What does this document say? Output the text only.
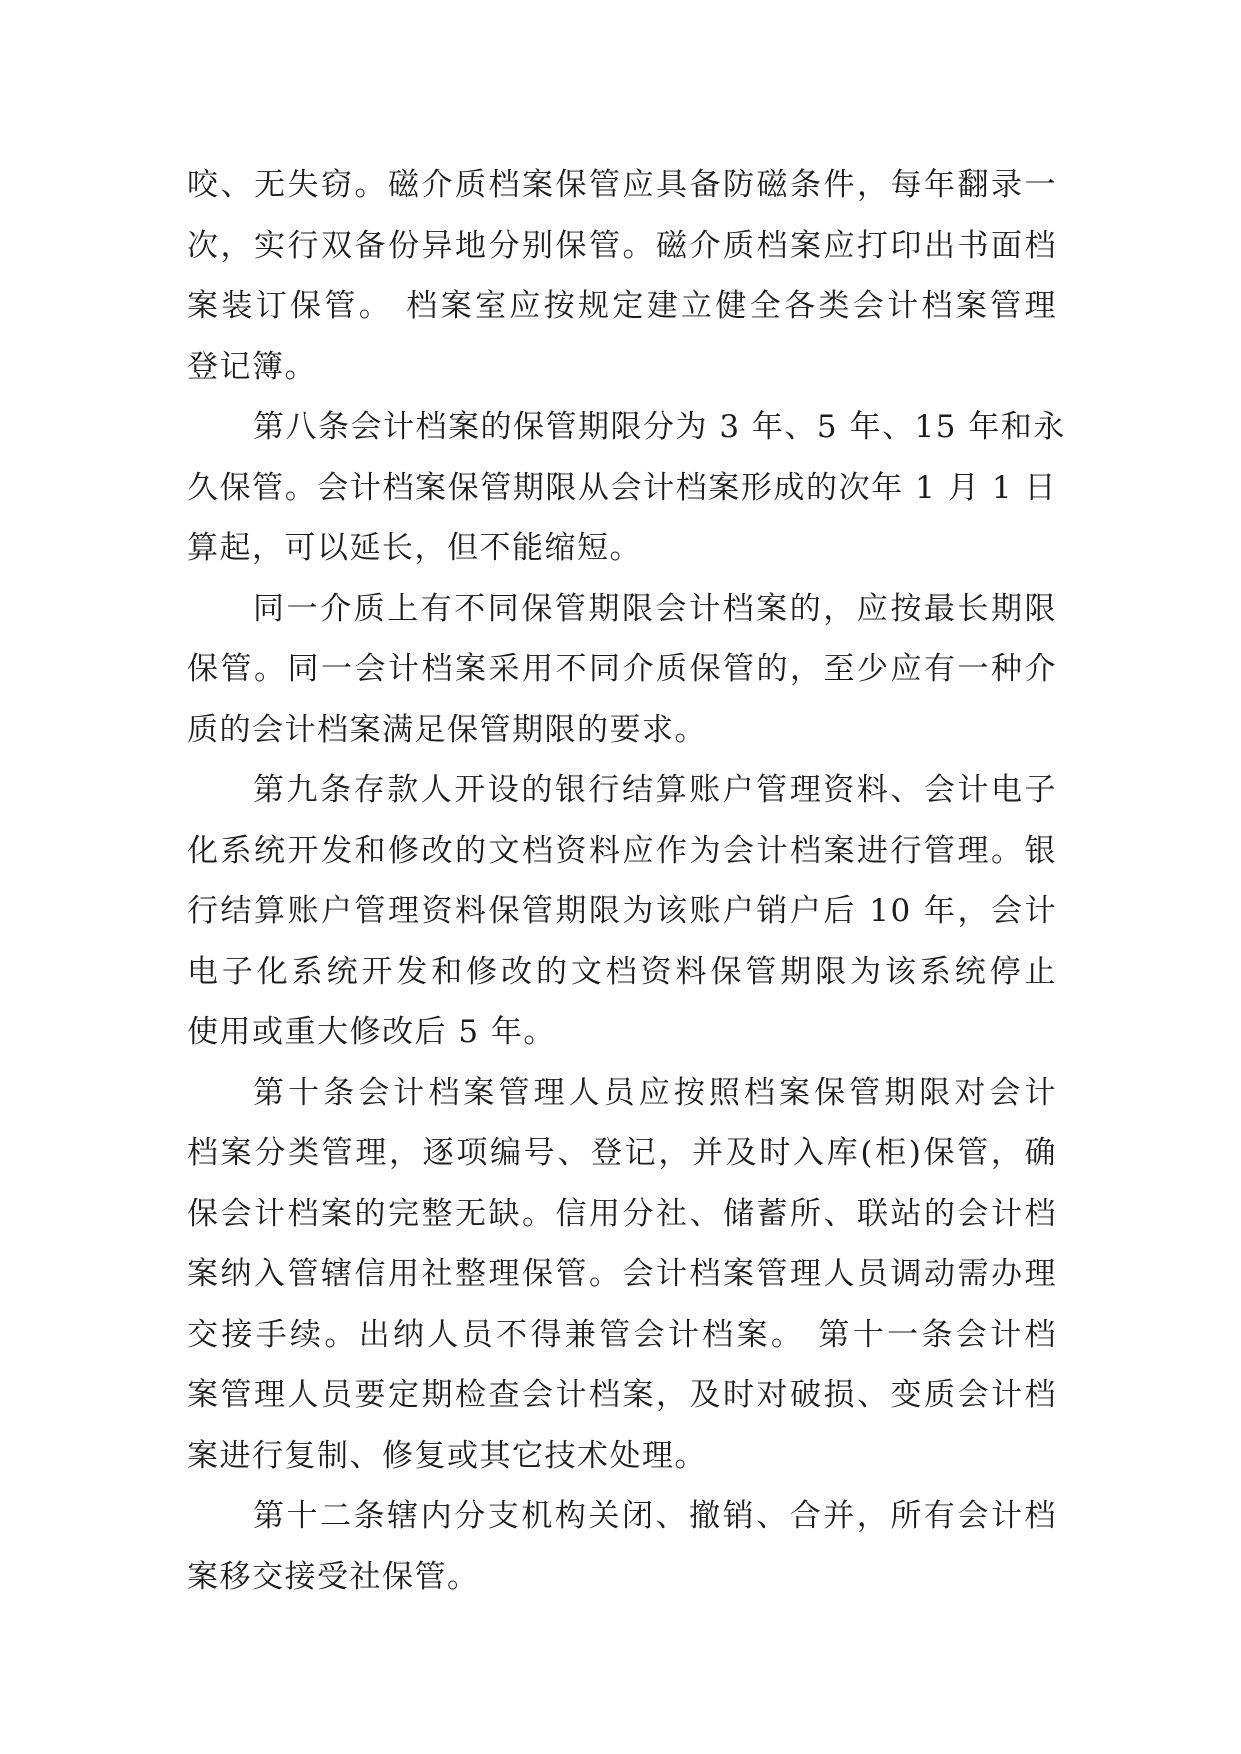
咬、无失窃。磁介质档案保管应具备防磁条件，每年翻录一
次，实行双备份异地分别保管。磁介质档案应打印出书面档
案装订保管。 档案室应按规定建立健全各类会计档案管理
登记簿。
第八条会计档案的保管期限分为 3 年、5 年、15 年和永
久保管。会计档案保管期限从会计档案形成的次年 1 月 1 日
算起，可以延长，但不能缩短。
同一介质上有不同保管期限会计档案的，应按最长期限
保管。同一会计档案采用不同介质保管的，至少应有一种介
质的会计档案满足保管期限的要求。
第九条存款人开设的银行结算账户管理资料、会计电子
化系统开发和修改的文档资料应作为会计档案进行管理。银
行结算账户管理资料保管期限为该账户销户后 10 年，会计
电子化系统开发和修改的文档资料保管期限为该系统停止
使用或重大修改后 5 年。
第十条会计档案管理人员应按照档案保管期限对会计
档案分类管理，逐项编号、登记，并及时入库(柜)保管，确
保会计档案的完整无缺。信用分社、储蓄所、联站的会计档
案纳入管辖信用社整理保管。会计档案管理人员调动需办理
交接手续。出纳人员不得兼管会计档案。 第十一条会计档
案管理人员要定期检查会计档案，及时对破损、变质会计档
案进行复制、修复或其它技术处理。
第十二条辖内分支机构关闭、撤销、合并，所有会计档
案移交接受社保管。
